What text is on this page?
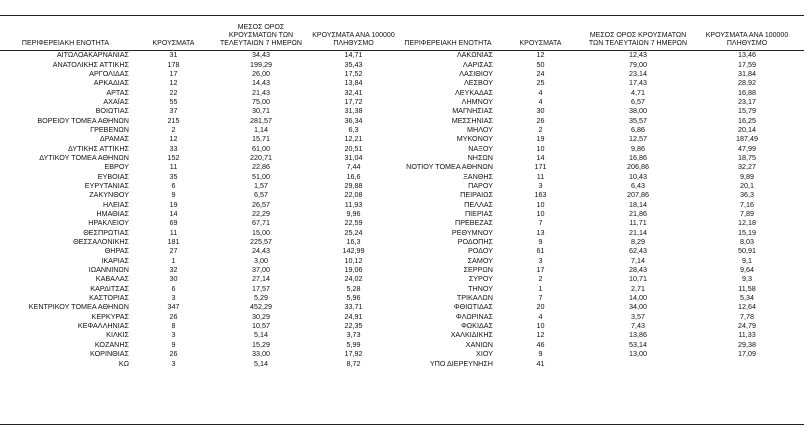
ΠΕΡΙΦΕΡΕΙΑΚΗ ΕΝΟΤΗΤΑ	ΚΡΟΥΣΜΑΤΑ	ΜΕΣΟΣ ΟΡΟΣ ΚΡΟΥΣΜΑΤΩΝ ΤΩΝ ΤΕΛΕΥΤΑΙΩΝ 7 ΗΜΕΡΩΝ	ΚΡΟΥΣΜΑΤΑ ΑΝΑ 100000 ΠΛΗΘΥΣΜΟ	ΠΕΡΙΦΕΡΕΙΑΚΗ ΕΝΟΤΗΤΑ	ΚΡΟΥΣΜΑΤΑ	ΜΕΣΟΣ ΟΡΟΣ ΚΡΟΥΣΜΑΤΩΝ ΤΩΝ ΤΕΛΕΥΤΑΙΩΝ 7 ΗΜΕΡΩΝ	ΚΡΟΥΣΜΑΤΑ ΑΝΑ 100000 ΠΛΗΘΥΣΜΟ

ΑΙΤΩΛΟΑΚΑΡΝΑΝΙΑΣ	31	34,43	14,71	ΛΑΚΩΝΙΑΣ	12	12,43	13,46
ΑΝΑΤΟΛΙΚΗΣ ΑΤΤΙΚΗΣ	178	199,29	35,43	ΛΑΡΙΣΑΣ	50	79,00	17,59
ΑΡΓΟΛΙΔΑΣ	17	26,00	17,52	ΛΑΣΙΘΙΟΥ	24	23,14	31,84
ΑΡΚΑΔΙΑΣ	12	14,43	13,84	ΛΕΣΒΟΥ	25	17,43	28,92
ΑΡΤΑΣ	22	21,43	32,41	ΛΕΥΚΑΔΑΣ	4	4,71	16,88
ΑΧΑΪΑΣ	55	75,00	17,72	ΛΗΜΝΟΥ	4	6,57	23,17
ΒΟΙΩΤΙΑΣ	37	30,71	31,38	ΜΑΓΝΗΣΙΑΣ	30	38,00	15,79
ΒΟΡΕΙΟΥ ΤΟΜΕΑ ΑΘΗΝΩΝ	215	281,57	36,34	ΜΕΣΣΗΝΙΑΣ	26	35,57	16,25
ΓΡΕΒΕΝΩΝ	2	1,14	6,3	ΜΗΛΟΥ	2	6,86	20,14
ΔΡΑΜΑΣ	12	15,71	12,21	ΜΥΚΟΝΟΥ	19	12,57	187,49
ΔΥΤΙΚΗΣ ΑΤΤΙΚΗΣ	33	61,00	20,51	ΝΑΞΟΥ	10	9,86	47,99
ΔΥΤΙΚΟΥ ΤΟΜΕΑ ΑΘΗΝΩΝ	152	220,71	31,04	ΝΗΣΩΝ	14	16,86	18,75
ΕΒΡΟΥ	11	22,86	7,44	ΝΟΤΙΟΥ ΤΟΜΕΑ ΑΘΗΝΩΝ	171	206,86	32,27
ΕΥΒΟΙΑΣ	35	51,00	16,6	ΞΑΝΘΗΣ	11	10,43	9,89
ΕΥΡΥΤΑΝΙΑΣ	6	1,57	29,88	ΠΑΡΟΥ	3	6,43	20,1
ΖΑΚΥΝΘΟΥ	9	6,57	22,08	ΠΕΙΡΑΙΩΣ	163	207,86	36,3
ΗΛΕΙΑΣ	19	26,57	11,93	ΠΕΛΛΑΣ	10	18,14	7,16
ΗΜΑΘΙΑΣ	14	22,29	9,96	ΠΙΕΡΙΑΣ	10	21,86	7,89
ΗΡΑΚΛΕΙΟΥ	69	67,71	22,59	ΠΡΕΒΕΖΑΣ	7	11,71	12,18
ΘΕΣΠΡΩΤΙΑΣ	11	15,00	25,24	ΡΕΘΥΜΝΟΥ	13	21,14	15,19
ΘΕΣΣΑΛΟΝΙΚΗΣ	181	225,57	16,3	ΡΟΔΟΠΗΣ	9	8,29	8,03
ΘΗΡΑΣ	27	24,43	142,99	ΡΟΔΟΥ	61	62,43	50,91
ΙΚΑΡΙΑΣ	1	3,00	10,12	ΣΑΜΟΥ	3	7,14	9,1
ΙΩΑΝΝΙΝΩΝ	32	37,00	19,06	ΣΕΡΡΩΝ	17	28,43	9,64
ΚΑΒΑΛΑΣ	30	27,14	24,02	ΣΥΡΟΥ	2	10,71	9,3
ΚΑΡΔΙΤΣΑΣ	6	17,57	5,28	ΤΗΝΟΥ	1	2,71	11,58
ΚΑΣΤΟΡΙΑΣ	3	5,29	5,96	ΤΡΙΚΑΛΩΝ	7	14,00	5,34
ΚΕΝΤΡΙΚΟΥ ΤΟΜΕΑ ΑΘΗΝΩΝ	347	452,29	33,71	ΦΘΙΩΤΙΔΑΣ	20	34,00	12,64
ΚΕΡΚΥΡΑΣ	26	30,29	24,91	ΦΛΩΡΙΝΑΣ	4	3,57	7,78
ΚΕΦΑΛΛΗΝΙΑΣ	8	10,57	22,35	ΦΩΚΙΔΑΣ	10	7,43	24,79
ΚΙΛΚΙΣ	3	5,14	3,73	ΧΑΛΚΙΔΙΚΗΣ	12	13,86	11,33
ΚΟΖΑΝΗΣ	9	15,29	5,99	ΧΑΝΙΩΝ	46	53,14	29,38
ΚΟΡΙΝΘΙΑΣ	26	33,00	17,92	ΧΙΟΥ	9	13,00	17,09
ΚΩ	3	5,14	8,72	ΥΠΟ ΔΙΕΡΕΥΝΗΣΗ	41		
